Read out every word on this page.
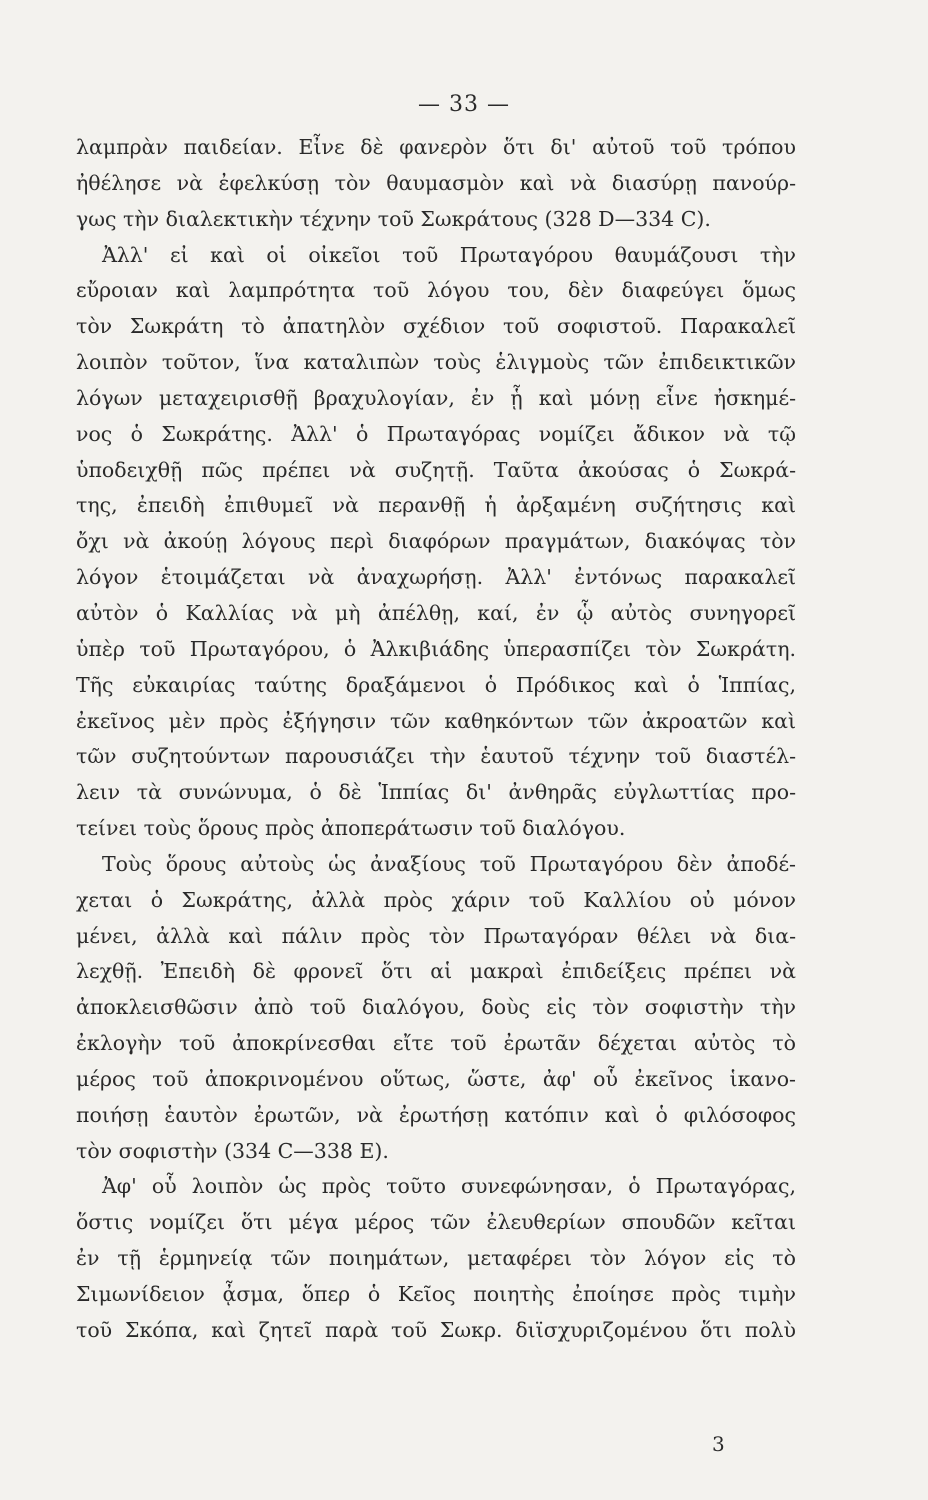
— 33 —
λαμπρὰν παιδείαν. Εἶνε δὲ φανερὸν ὅτι δι' αὐτοῦ τοῦ τρόπου
ἠθέλησε νὰ ἐφελκύσῃ τὸν θαυμασμὸν καὶ νὰ διασύρῃ πανούρ-
γως τὴν διαλεκτικὴν τέχνην τοῦ Σωκράτους (328 D—334 C).
Ἀλλ' εἰ καὶ οἱ οἰκεῖοι τοῦ Πρωταγόρου θαυμάζουσι τὴν
εὔροιαν καὶ λαμπρότητα τοῦ λόγου του, δὲν διαφεύγει ὅμως
τὸν Σωκράτη τὸ ἀπατηλὸν σχέδιον τοῦ σοφιστοῦ. Παρακαλεῖ
λοιπὸν τοῦτον, ἵνα καταλιπὼν τοὺς ἑλιγμοὺς τῶν ἐπιδεικτικῶν
λόγων μεταχειρισθῇ βραχυλογίαν, ἐν ᾗ καὶ μόνῃ εἶνε ἠσκημέ-
νος ὁ Σωκράτης. Ἀλλ' ὁ Πρωταγόρας νομίζει ἄδικον νὰ τῷ
ὑποδειχθῇ πῶς πρέπει νὰ συζητῇ. Ταῦτα ἀκούσας ὁ Σωκρά-
της, ἐπειδὴ ἐπιθυμεῖ νὰ περανθῇ ἡ ἀρξαμένη συζήτησις καὶ
ὄχι νὰ ἀκούῃ λόγους περὶ διαφόρων πραγμάτων, διακόψας τὸν
λόγον ἑτοιμάζεται νὰ ἀναχωρήσῃ. Ἀλλ' ἐντόνως παρακαλεῖ
αὐτὸν ὁ Καλλίας νὰ μὴ ἀπέλθῃ, καί, ἐν ᾧ αὐτὸς συνηγορεῖ
ὑπὲρ τοῦ Πρωταγόρου, ὁ Ἀλκιβιάδης ὑπερασπίζει τὸν Σωκράτη.
Τῆς εὐκαιρίας ταύτης δραξάμενοι ὁ Πρόδικος καὶ ὁ Ἱππίας,
ἐκεῖνος μὲν πρὸς ἐξήγησιν τῶν καθηκόντων τῶν ἀκροατῶν καὶ
τῶν συζητούντων παρουσιάζει τὴν ἑαυτοῦ τέχνην τοῦ διαστέλ-
λειν τὰ συνώνυμα, ὁ δὲ Ἱππίας δι' ἀνθηρᾶς εὐγλωττίας προ-
τείνει τοὺς ὅρους πρὸς ἀποπεράτωσιν τοῦ διαλόγου.
Τοὺς ὅρους αὐτοὺς ὡς ἀναξίους τοῦ Πρωταγόρου δὲν ἀποδέ-
χεται ὁ Σωκράτης, ἀλλὰ πρὸς χάριν τοῦ Καλλίου οὐ μόνον
μένει, ἀλλὰ καὶ πάλιν πρὸς τὸν Πρωταγόραν θέλει νὰ δια-
λεχθῇ. Ἐπειδὴ δὲ φρονεῖ ὅτι αἱ μακραὶ ἐπιδείξεις πρέπει νὰ
ἀποκλεισθῶσιν ἀπὸ τοῦ διαλόγου, δοὺς εἰς τὸν σοφιστὴν τὴν
ἐκλογὴν τοῦ ἀποκρίνεσθαι εἴτε τοῦ ἐρωτᾶν δέχεται αὐτὸς τὸ
μέρος τοῦ ἀποκρινομένου οὕτως, ὥστε, ἀφ' οὗ ἐκεῖνος ἱκανο-
ποιήσῃ ἑαυτὸν ἐρωτῶν, νὰ ἐρωτήσῃ κατόπιν καὶ ὁ φιλόσοφος
τὸν σοφιστὴν (334 C—338 E).
Ἀφ' οὗ λοιπὸν ὡς πρὸς τοῦτο συνεφώνησαν, ὁ Πρωταγόρας,
ὅστις νομίζει ὅτι μέγα μέρος τῶν ἐλευθερίων σπουδῶν κεῖται
ἐν τῇ ἑρμηνείᾳ τῶν ποιημάτων, μεταφέρει τὸν λόγον εἰς τὸ
Σιμωνίδειον ᾆσμα, ὅπερ ὁ Κεῖος ποιητὴς ἐποίησε πρὸς τιμὴν
τοῦ Σκόπα, καὶ ζητεῖ παρὰ τοῦ Σωκρ. διϊσχυριζομένου ὅτι πολὺ
3
